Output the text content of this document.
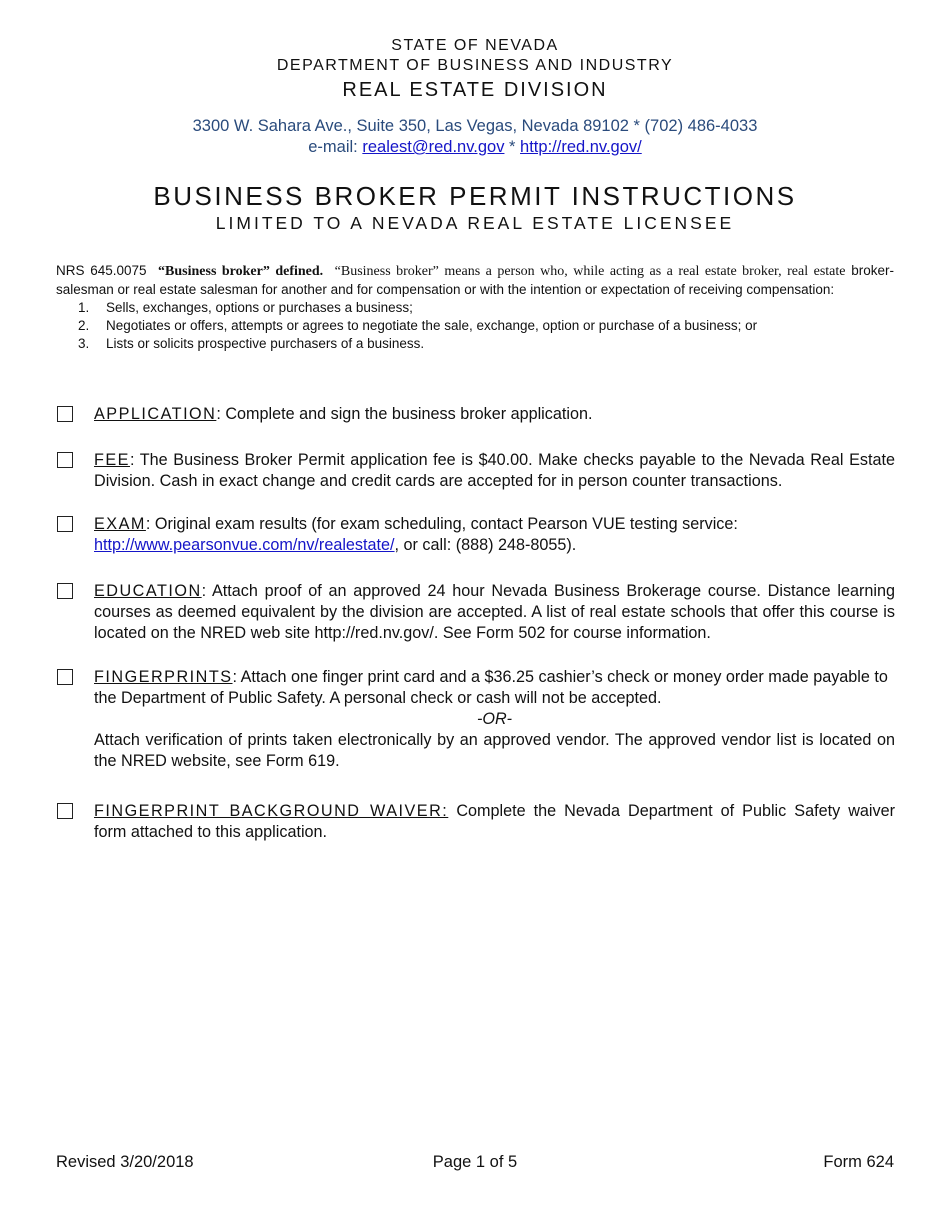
STATE OF NEVADA
DEPARTMENT OF BUSINESS AND INDUSTRY
REAL ESTATE DIVISION
3300 W. Sahara Ave., Suite 350, Las Vegas, Nevada 89102 * (702) 486-4033
e-mail: realest@red.nv.gov * http://red.nv.gov/
BUSINESS BROKER PERMIT INSTRUCTIONS
LIMITED TO A NEVADA REAL ESTATE LICENSEE
NRS 645.0075 “Business broker” defined. “Business broker” means a person who, while acting as a real estate broker, real estate broker-salesman or real estate salesman for another and for compensation or with the intention or expectation of receiving compensation:
1. Sells, exchanges, options or purchases a business;
2. Negotiates or offers, attempts or agrees to negotiate the sale, exchange, option or purchase of a business; or
3. Lists or solicits prospective purchasers of a business.
APPLICATION: Complete and sign the business broker application.
FEE: The Business Broker Permit application fee is $40.00. Make checks payable to the Nevada Real Estate Division. Cash in exact change and credit cards are accepted for in person counter transactions.
EXAM: Original exam results (for exam scheduling, contact Pearson VUE testing service: http://www.pearsonvue.com/nv/realestate/, or call: (888) 248-8055).
EDUCATION: Attach proof of an approved 24 hour Nevada Business Brokerage course. Distance learning courses as deemed equivalent by the division are accepted. A list of real estate schools that offer this course is located on the NRED web site http://red.nv.gov/. See Form 502 for course information.
FINGERPRINTS: Attach one finger print card and a $36.25 cashier’s check or money order made payable to the Department of Public Safety. A personal check or cash will not be accepted.
-OR-
Attach verification of prints taken electronically by an approved vendor. The approved vendor list is located on the NRED website, see Form 619.
FINGERPRINT BACKGROUND WAIVER: Complete the Nevada Department of Public Safety waiver form attached to this application.
Revised 3/20/2018	Page 1 of 5	Form 624
